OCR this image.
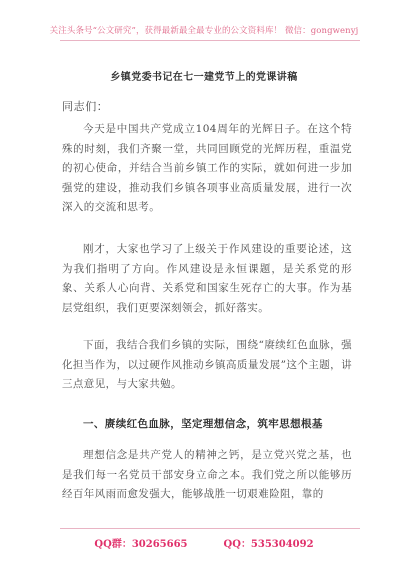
关注头条号“公文研究”，获得最新最全最专业的公文资料库！ 微信：gongwenyj
乡镇党委书记在七一建党节上的党课讲稿
同志们：
今天是中国共产党成立104周年的光辉日子。在这个特殊的时刻，我们齐聚一堂，共同回顾党的光辉历程，重温党的初心使命，并结合当前乡镇工作的实际，就如何进一步加强党的建设，推动我们乡镇各项事业高质量发展，进行一次深入的交流和思考。
刚才，大家也学习了上级关于作风建设的重要论述，这为我们指明了方向。作风建设是永恒课题，是关系党的形象、关系人心向背、关系党和国家生死存亡的大事。作为基层党组织，我们更要深刻领会，抓好落实。
下面，我结合我们乡镇的实际，围绕“赓续红色血脉，强化担当作为，以过硬作风推动乡镇高质量发展”这个主题，讲三点意见，与大家共勉。
一、赓续红色血脉，坚定理想信念，筑牢思想根基
理想信念是共产党人的精神之钙，是立党兴党之基，也是我们每一名党员干部安身立命之本。我们党之所以能够历经百年风雨而愈发强大，能够战胜一切艰难险阻，靠的
QQ群：30265665	QQ：535304092
